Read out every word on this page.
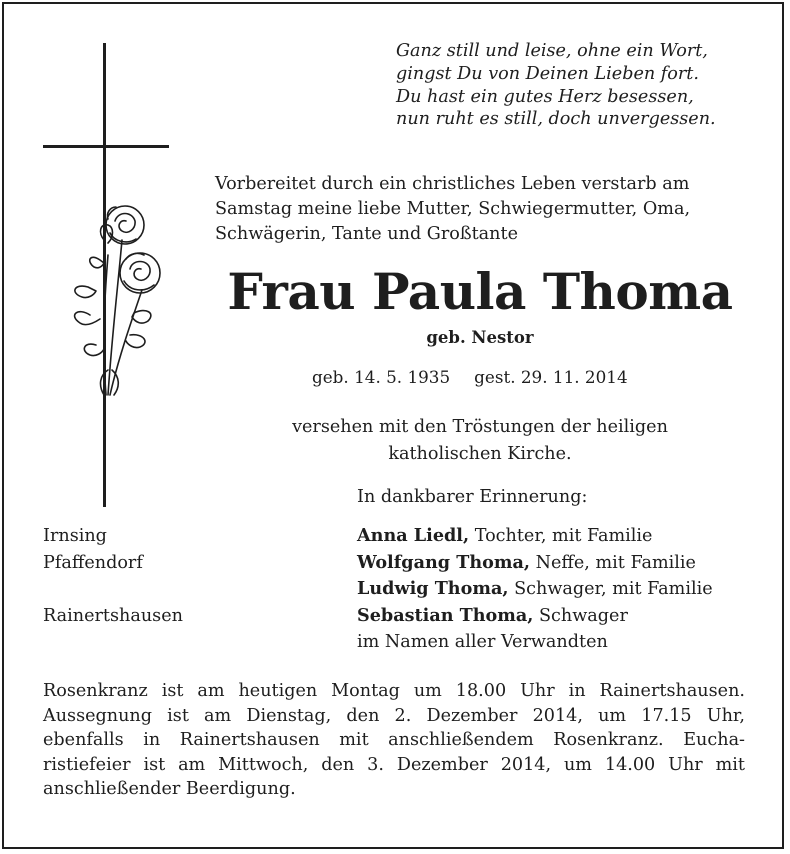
Ganz still und leise, ohne ein Wort,
gingst Du von Deinen Lieben fort.
Du hast ein gutes Herz besessen,
nun ruht es still, doch unvergessen.
Vorbereitet durch ein christliches Leben verstarb am
Samstag meine liebe Mutter, Schwiegermutter, Oma,
Schwägerin, Tante und Großtante
Frau Paula Thoma
geb. Nestor
geb. 14. 5. 1935 gest. 29. 11. 2014
versehen mit den Tröstungen der heiligen
katholischen Kirche.
In dankbarer Erinnerung:
Irnsing
Pfaffendorf
Rainertshausen
Anna Liedl, Tochter, mit Familie
Wolfgang Thoma, Neffe, mit Familie
Ludwig Thoma, Schwager, mit Familie
Sebastian Thoma, Schwager
im Namen aller Verwandten
Rosenkranz ist am heutigen Montag um 18.00 Uhr in Rainertshausen.
Aussegnung ist am Dienstag, den 2. Dezember 2014, um 17.15 Uhr,
ebenfalls in Rainertshausen mit anschließendem Rosenkranz. Eucha-
ristiefeier ist am Mittwoch, den 3. Dezember 2014, um 14.00 Uhr mit
anschließender Beerdigung.
